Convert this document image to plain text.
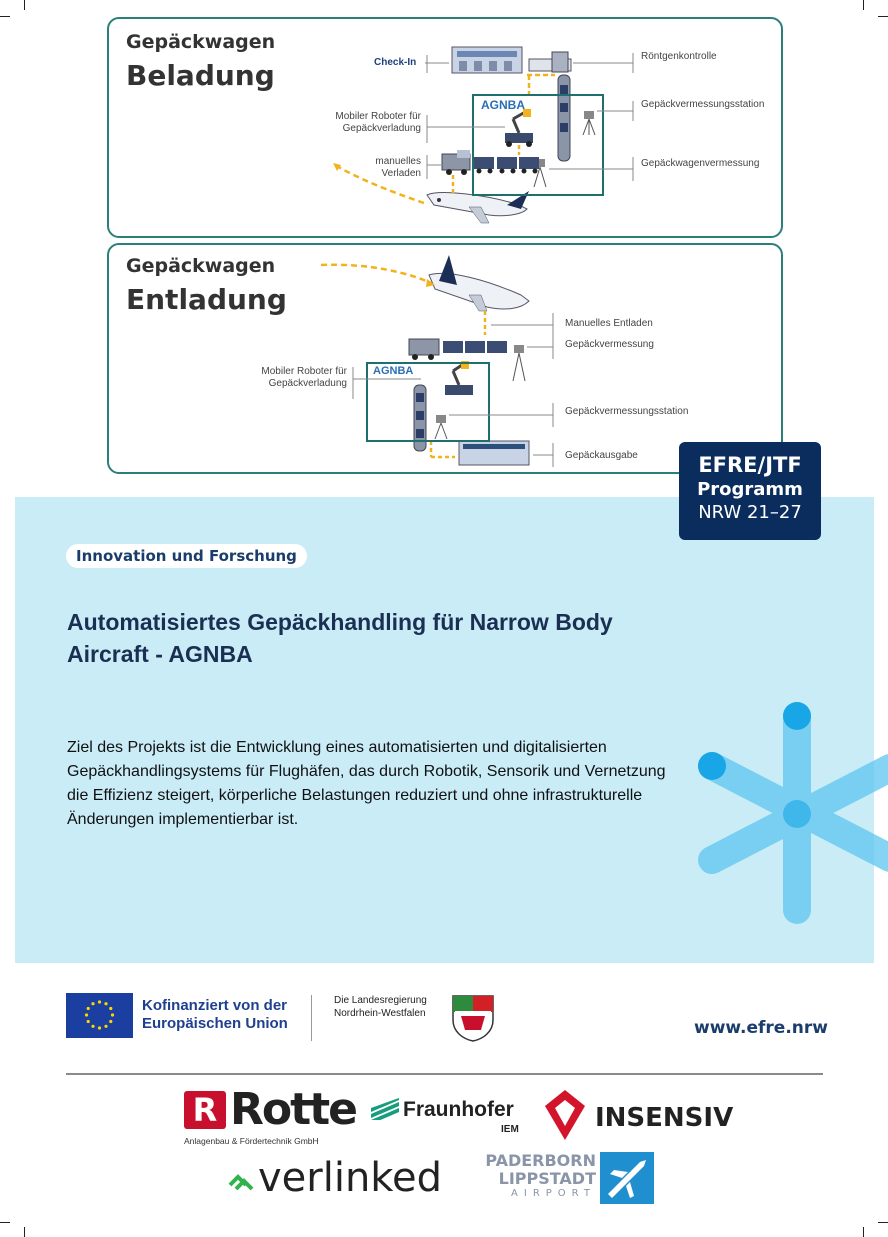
Gepäckwagen
Beladung
AGNBA
Check-In
Röntgenkontrolle
Mobiler Roboter für Gepäckverladung
Gepäckvermessungsstation
manuelles Verladen
Gepäckwagenvermessung
Gepäckwagen
Entladung
AGNBA
Manuelles Entladen
Gepäckvermessung
Mobiler Roboter für Gepäckverladung
Gepäckvermessungsstation
Gepäckausgabe	EFRE/JTF
Programm
NRW 21–27
Innovation und Forschung
Automatisiertes Gepäckhandling für Narrow Body Aircraft - AGNBA
Ziel des Projekts ist die Entwicklung eines automatisierten und digitalisierten Gepäckhandlingsystems für Flughäfen, das durch Robotik, Sensorik und Vernetzung die Effizienz steigert, körperliche Belastungen reduziert und ohne infrastrukturelle Änderungen implementierbar ist.
Kofinanziert von der
Europäischen Union
Die Landesregierung
Nordrhein-Westfalen
www.efre.nrw
R Rotte
Anlagenbau & Fördertechnik GmbH
Fraunhofer
IEM	INSENSIV
verlinked	PADERBORN
LIPPSTADT
AIRPORT
